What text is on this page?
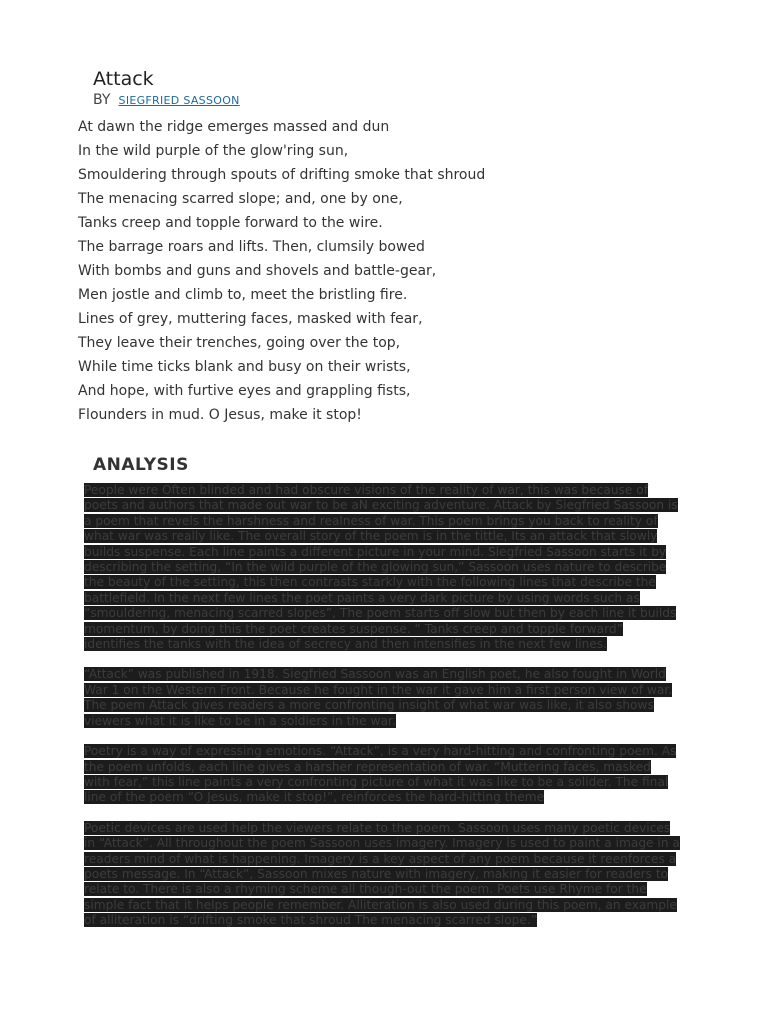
Attack
BY SIEGFRIED SASSOON
At dawn the ridge emerges massed and dun
In the wild purple of the glow'ring sun,
Smouldering through spouts of drifting smoke that shroud
The menacing scarred slope; and, one by one,
Tanks creep and topple forward to the wire.
The barrage roars and lifts. Then, clumsily bowed
With bombs and guns and shovels and battle-gear,
Men jostle and climb to, meet the bristling fire.
Lines of grey, muttering faces, masked with fear,
They leave their trenches, going over the top,
While time ticks blank and busy on their wrists,
And hope, with furtive eyes and grappling fists,
Flounders in mud. O Jesus, make it stop!
ANALYSIS

People were Often blinded and had obscure visions of the reality of war, this was because of poets and authors that made out war to be aN exciting adventure. Attack by Siegfried Sassoon is a poem that revels the harshness and realness of war. This poem brings you back to reality of what war was really like. The overall story of the poem is in the tittle, Its an attack that slowly builds suspense. Each line paints a different picture in your mind. Siegfried Sassoon starts it by describing the setting, “In the wild purple of the glowing sun,” Sassoon uses nature to describe the beauty of the setting, this then contrasts starkly with the following lines that describe the battlefield. In the next few lines the poet paints a very dark picture by using words such as “smouldering, menacing scarred slopes”, The poem starts off slow but then by each line it builds momentum, by doing this the poet creates suspense. “ Tanks creep and topple forward” identifies the tanks with the idea of secrecy and then intensifies in the next few lines.

“Attack” was published in 1918. Siegfried Sassoon was an English poet, he also fought in World War 1 on the Western Front. Because he fought in the war it gave him a first person view of war. The poem Attack gives readers a more confronting insight of what war was like, it also shows viewers what it is like to be in a soldiers in the war.

Poetry is a way of expressing emotions. “Attack”, is a very hard-hitting and confronting poem. As the poem unfolds, each line gives a harsher representation of war. “Muttering faces, masked with fear,” this line paints a very confronting picture of what it was like to be a solider. The final line of the poem “O Jesus, make it stop!”, reinforces the hard-hitting theme

Poetic devices are used help the viewers relate to the poem. Sassoon uses many poetic devices in “Attack”. All throughout the poem Sassoon uses imagery. Imagery is used to paint a image in a readers mind of what is happening. Imagery is a key aspect of any poem because it reenforces a poets message. In “Attack”, Sassoon mixes nature with imagery, making it easier for readers to relate to. There is also a rhyming scheme all though-out the poem. Poets use Rhyme for the simple fact that it helps people remember. Alliteration is also used during this poem, an example of alliteration is “drifting smoke that shroud The menacing scarred slope.”
